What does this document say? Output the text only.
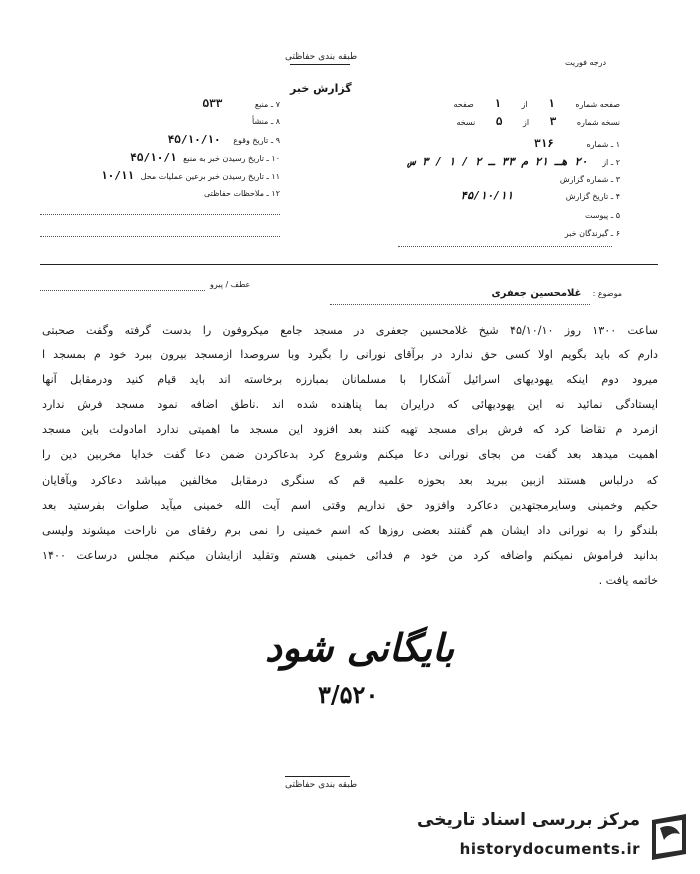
طبقه بندی حفاظتی
درجه فوریت
گزارش خبر
صفحه شماره ۱ از ۱ صفحه
نسخه شماره ۳ از ۵ نسخه
۱ ـ شماره ۳۱۶
۲ ـ از ۲۰ هـ ۲۱ م ۳۳ ـ ۲ / ۱ / ۳ س
۳ ـ شماره گزارش
۴ ـ تاریخ گزارش ۴۵/۱۰/۱۱
۵ ـ پیوست
۶ ـ گیرندگان خبر
۷ ـ منبع ۵۳۳
۸ ـ منشأ
۹ ـ تاریخ وقوع ۴۵/۱۰/۱۰
۱۰ ـ تاریخ رسیدن خبر به منبع ۴۵/۱۰/۱
۱۱ ـ تاریخ رسیدن خبر برعین عملیات محل ۱۰/۱۱
۱۲ ـ ملاحظات حفاظتی
عطف / پیرو
موضوع : غلامحسین جعفری
ساعت ۱۳۰۰ روز ۴۵/۱۰/۱۰ شیخ غلامحسین جعفری در مسجد جامع میکروفون را بدست گرفته وگفت صحبتی
دارم که باید بگویم اولا کسی حق ندارد در برآقای نورانی را بگیرد وبا سروصدا ازمسجد بیرون ببرد خود م بمسجد ا
میرود دوم اینکه یهودیهای اسرائیل آشکارا با مسلمانان بمبارزه برخاسته اند باید قیام کنید ودرمقابل آنها
ایستادگی نمائید نه این یهودیهائی که درایران بما پناهنده شده اند .ناطق اضافه نمود مسجد فرش ندارد
ازمرد م تقاضا کرد که فرش برای مسجد تهیه کنند بعد افزود این مسجد ما اهمیتی ندارد امادولت باین مسجد
اهمیت میدهد بعد گفت من بجای نورانی دعا میکنم وشروع کرد بدعاکردن ضمن دعا گفت خدایا مخربین دین را
که درلباس هستند ازبین ببرید بعد بحوزه علمیه قم که سنگری درمقابل مخالفین میباشد دعاکرد وبآقایان
حکیم وخمینی وسایرمجتهدین دعاکرد وافزود حق نداریم وقتی اسم آیت الله خمینی میآید صلوات بفرستید بعد
بلندگو را به نورانی داد ایشان هم گفتند بعضی روزها که اسم خمینی را نمی برم رفقای من ناراحت میشوند ولیسی
بدانید فراموش نمیکنم واضافه کرد من خود م فدائی خمینی هستم وتقلید ازایشان میکنم مجلس درساعت ۱۴۰۰
خاتمه یافت .
بایگانی شود
۳/۵۲۰
طبقه بندی حفاظتی
مرکز بررسی اسناد تاریخی
historydocuments.ir
